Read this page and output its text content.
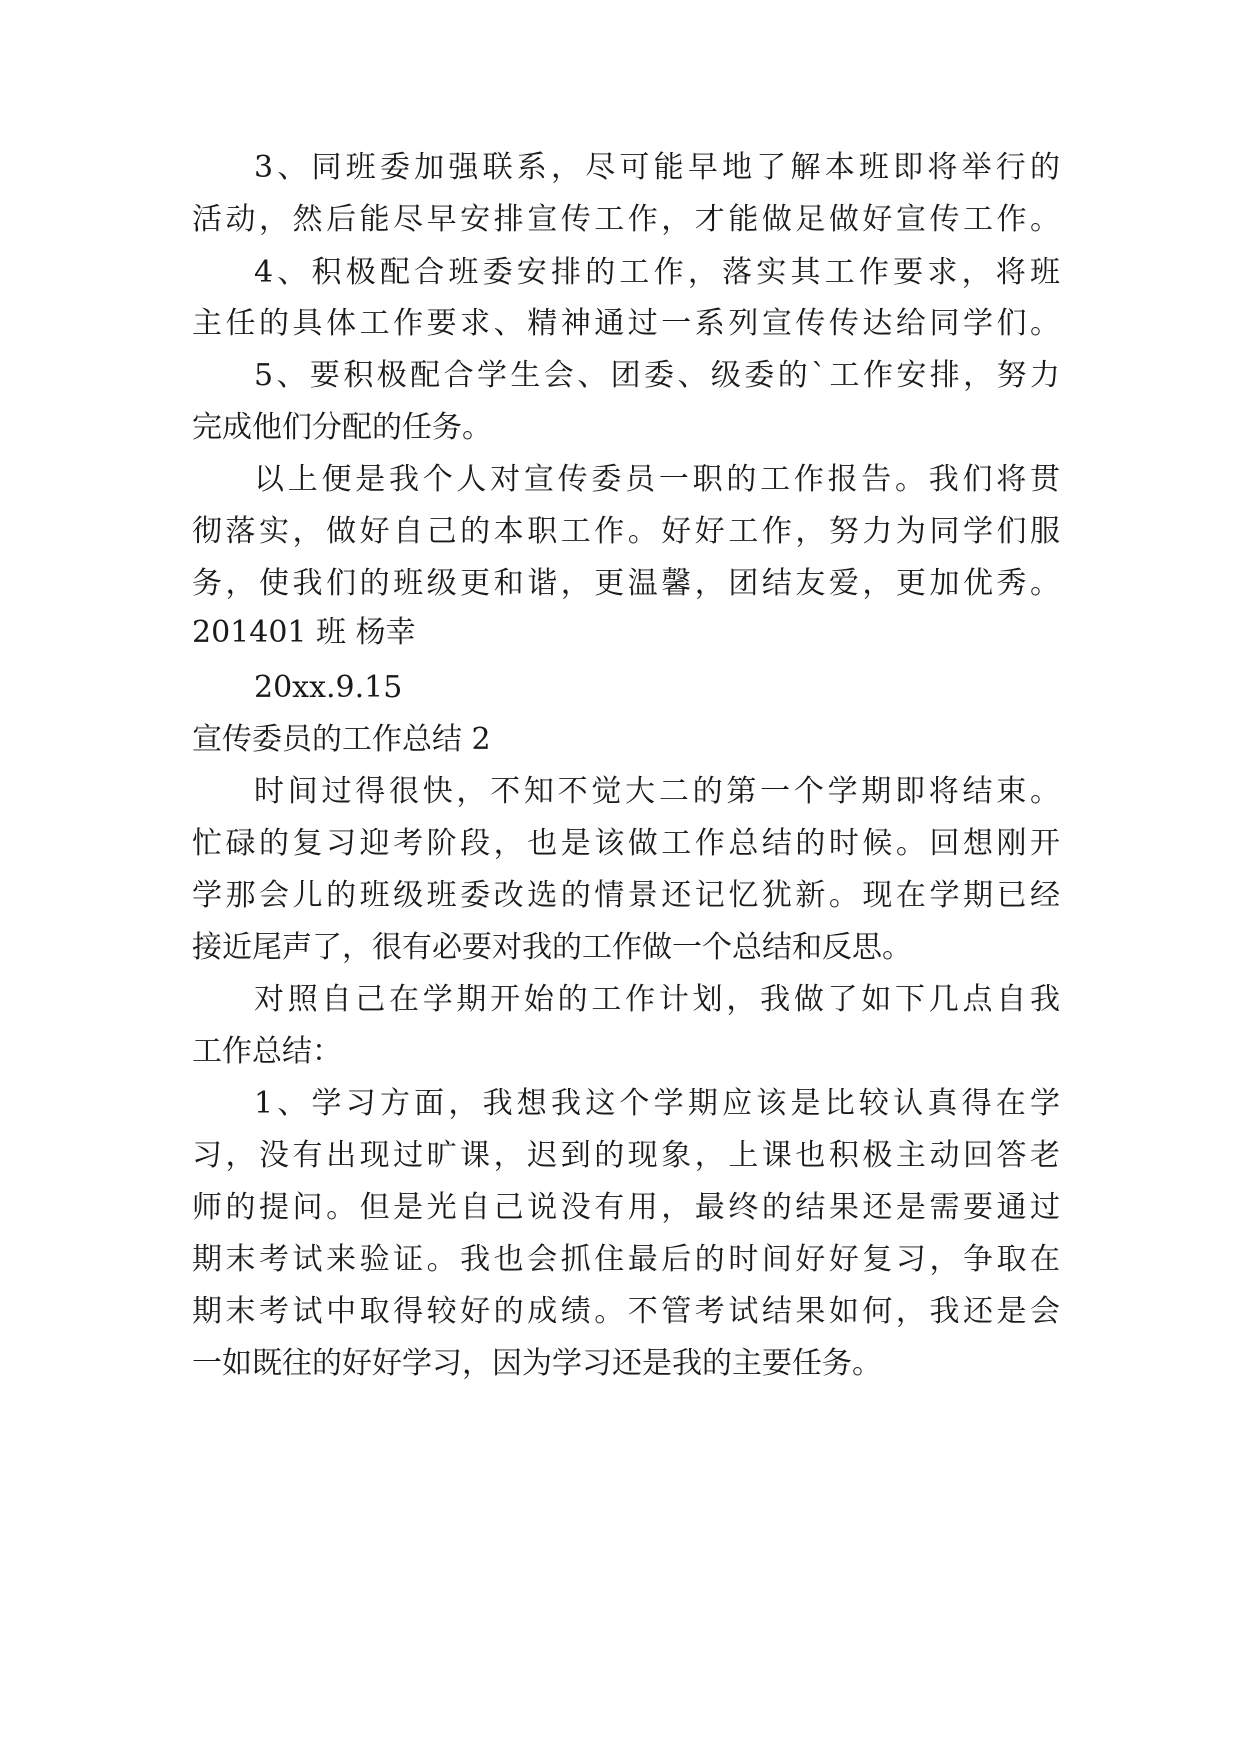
3、同班委加强联系，尽可能早地了解本班即将举行的
活动，然后能尽早安排宣传工作，才能做足做好宣传工作。
4、积极配合班委安排的工作，落实其工作要求，将班
主任的具体工作要求、精神通过一系列宣传传达给同学们。
5、要积极配合学生会、团委、级委的`工作安排，努力
完成他们分配的任务。
以上便是我个人对宣传委员一职的工作报告。我们将贯
彻落实，做好自己的本职工作。好好工作，努力为同学们服
务，使我们的班级更和谐，更温馨，团结友爱，更加优秀。
201401 班 杨幸
20xx.9.15
宣传委员的工作总结 2
时间过得很快，不知不觉大二的第一个学期即将结束。
忙碌的复习迎考阶段，也是该做工作总结的时候。回想刚开
学那会儿的班级班委改选的情景还记忆犹新。现在学期已经
接近尾声了，很有必要对我的工作做一个总结和反思。
对照自己在学期开始的工作计划，我做了如下几点自我
工作总结：
1、学习方面，我想我这个学期应该是比较认真得在学
习，没有出现过旷课，迟到的现象，上课也积极主动回答老
师的提问。但是光自己说没有用，最终的结果还是需要通过
期末考试来验证。我也会抓住最后的时间好好复习，争取在
期末考试中取得较好的成绩。不管考试结果如何，我还是会
一如既往的好好学习，因为学习还是我的主要任务。
